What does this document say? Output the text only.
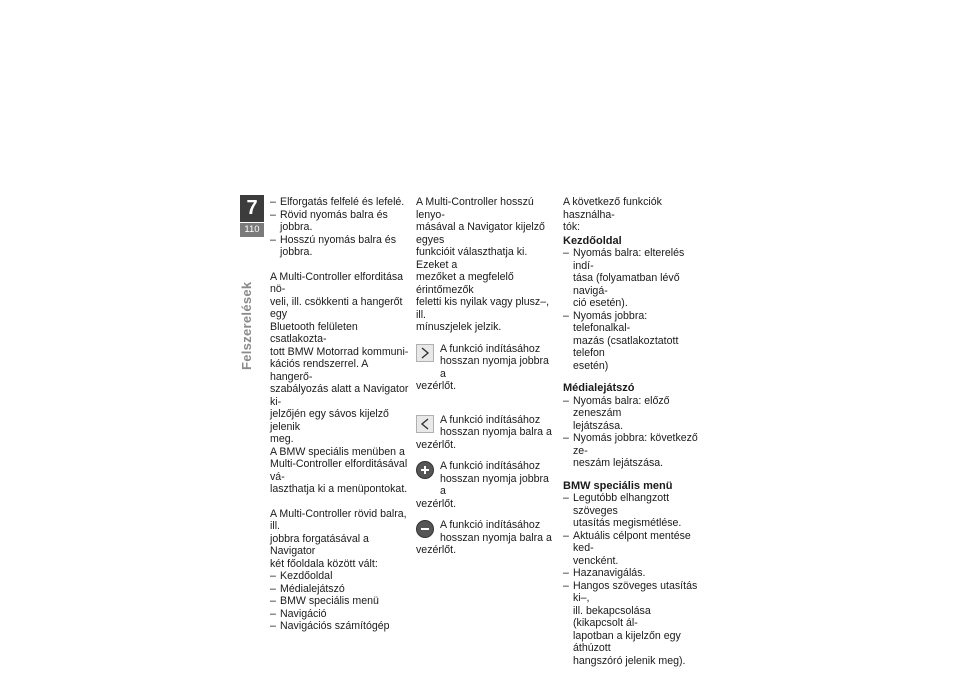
7
110
Felszerelések

– Elforgatás felfelé és lefelé.

– Rövid nyomás balra és jobbra.

– Hosszú nyomás balra és jobbra.

A Multi-Controller elforditása nö-

veli, ill. csökkenti a hangerőt egy

Bluetooth felületen csatlakozta-

tott BMW Motorrad kommuni-

kációs rendszerrel. A hangerő-

szabályozás alatt a Navigator ki-

jelzőjén egy sávos kijelző jelenik

meg.

A BMW speciális menüben a

Multi-Controller elforditásával vá-

laszthatja ki a menüpontokat.

A Multi-Controller rövid balra, ill.

jobbra forgatásával a Navigator

két főoldala között vált:

– Kezdőoldal

– Médialejátszó

– BMW speciális menü

– Navigáció

– Navigációs számítógép

A Multi-Controller hosszú lenyo-

másával a Navigator kijelző egyes

funkcióit választhatja ki. Ezeket a

mezőket a megfelelő érintőmezők

feletti kis nyilak vagy plusz–, ill.

mínuszjelek jelzik.

A funkció indításához

hosszan nyomja jobbra a

vezérlőt.

A funkció indításához

hosszan nyomja balra a

vezérlőt.

A funkció indításához

hosszan nyomja jobbra a

vezérlőt.

A funkció indításához

hosszan nyomja balra a

vezérlőt.

A következő funkciók használha-

tók:

Kezdőoldal

– Nyomás balra: elterelés indí-

tása (folyamatban lévő navigá-

ció esetén).

– Nyomás jobbra: telefonalkal-

mazás (csatlakoztatott telefon

esetén)

Médialejátszó

– Nyomás balra: előző zeneszám

lejátszása.

– Nyomás jobbra: következő ze-

neszám lejátszása.

BMW speciális menü

– Legutóbb elhangzott szöveges

utasítás megismétlése.

– Aktuális célpont mentése ked-

vencként.

– Hazanavigálás.

– Hangos szöveges utasítás ki–,

ill. bekapcsolása (kikapcsolt ál-

lapotban a kijelzőn egy áthúzott

hangszóró jelenik meg).
